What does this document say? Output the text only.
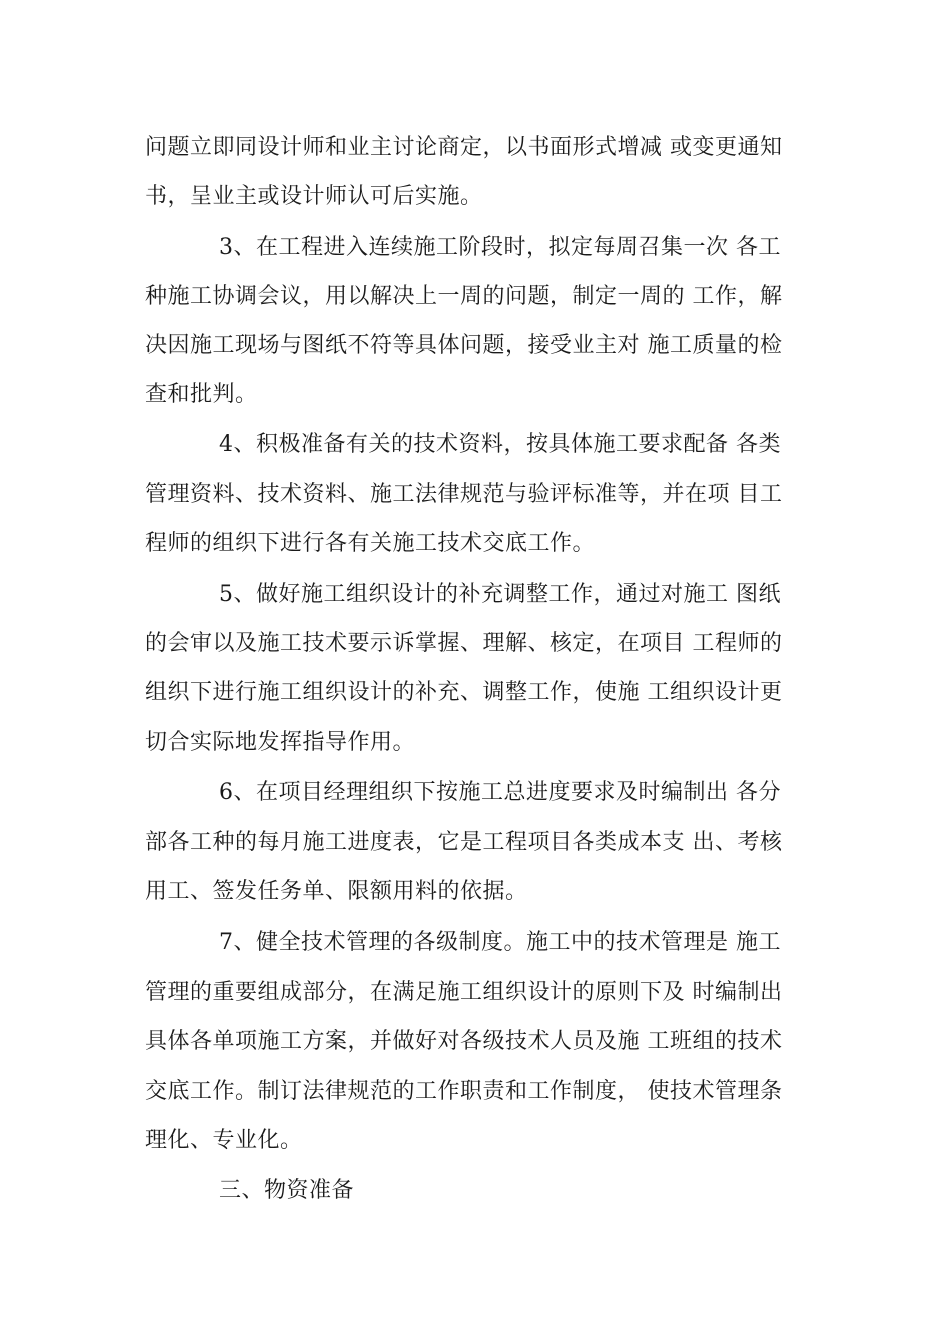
问题立即同设计师和业主讨论商定，以书面形式增减 或变更通知
书，呈业主或设计师认可后实施。
3、在工程进入连续施工阶段时，拟定每周召集一次 各工
种施工协调会议，用以解决上一周的问题，制定一周的 工作，解
决因施工现场与图纸不符等具体问题，接受业主对 施工质量的检
查和批判。
4、积极准备有关的技术资料，按具体施工要求配备 各类
管理资料、技术资料、施工法律规范与验评标准等，并在项 目工
程师的组织下进行各有关施工技术交底工作。
5、做好施工组织设计的补充调整工作，通过对施工 图纸
的会审以及施工技术要示诉掌握、理解、核定，在项目 工程师的
组织下进行施工组织设计的补充、调整工作，使施 工组织设计更
切合实际地发挥指导作用。
6、在项目经理组织下按施工总进度要求及时编制出 各分
部各工种的每月施工进度表，它是工程项目各类成本支 出、考核
用工、签发任务单、限额用料的依据。
7、健全技术管理的各级制度。施工中的技术管理是 施工
管理的重要组成部分，在满足施工组织设计的原则下及 时编制出
具体各单项施工方案，并做好对各级技术人员及施 工班组的技术
交底工作。制订法律规范的工作职责和工作制度， 使技术管理条
理化、专业化。
三、物资准备
